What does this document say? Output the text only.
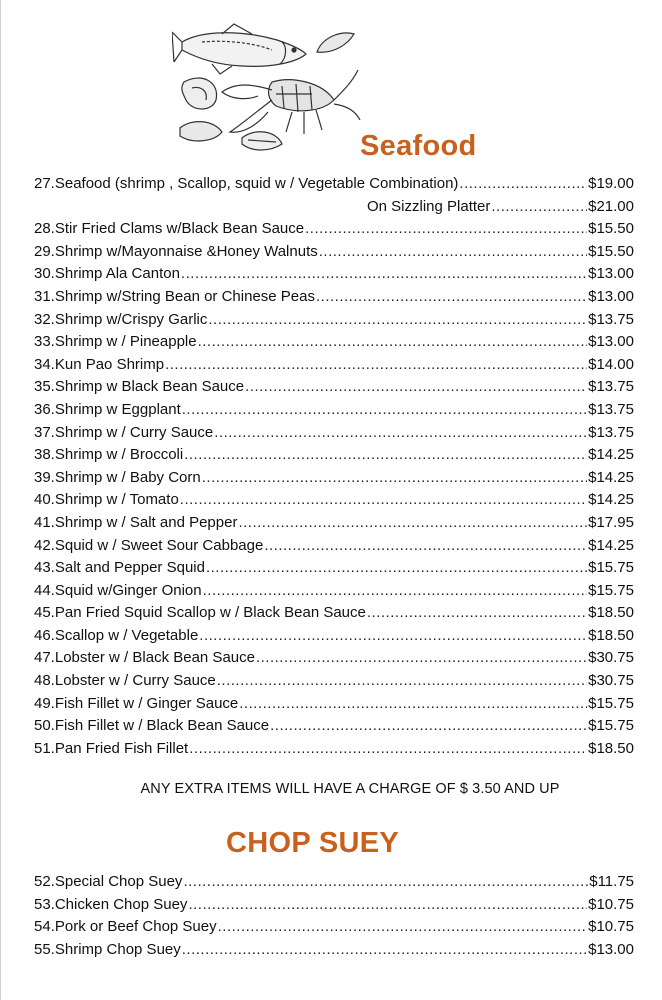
Seafood
27.Seafood (shrimp , Scallop, squid w / Vegetable Combination) .....	$19.00
On Sizzling Platter .....	$21.00
28.Stir Fried Clams w/Black Bean Sauce .....	$15.50
29.Shrimp w/Mayonnaise &Honey Walnuts .....	$15.50
30.Shrimp Ala Canton .....	$13.00
31.Shrimp w/String Bean or Chinese Peas .....	$13.00
32.Shrimp w/Crispy Garlic .....	$13.75
33.Shrimp w / Pineapple .....	$13.00
34.Kun Pao Shrimp .....	$14.00
35.Shrimp w Black Bean Sauce .....	$13.75
36.Shrimp w Eggplant .....	$13.75
37.Shrimp w / Curry Sauce .....	$13.75
38.Shrimp w / Broccoli .....	$14.25
39.Shrimp w / Baby Corn .....	$14.25
40.Shrimp w / Tomato .....	$14.25
41.Shrimp w / Salt and Pepper .....	$17.95
42.Squid w / Sweet Sour Cabbage .....	$14.25
43.Salt and Pepper Squid .....	$15.75
44.Squid w/Ginger Onion .....	$15.75
45.Pan Fried Squid Scallop w / Black Bean Sauce .....	$18.50
46.Scallop w / Vegetable .....	$18.50
47.Lobster w / Black Bean Sauce .....	$30.75
48.Lobster w / Curry Sauce .....	$30.75
49.Fish Fillet w / Ginger Sauce .....	$15.75
50.Fish Fillet w / Black Bean Sauce .....	$15.75
51.Pan Fried Fish Fillet .....	$18.50
ANY EXTRA ITEMS WILL HAVE A CHARGE OF $ 3.50 AND UP
CHOP SUEY
52.Special Chop Suey .....	$11.75
53.Chicken Chop Suey .....	$10.75
54.Pork or Beef Chop Suey .....	$10.75
55.Shrimp Chop Suey .....	$13.00
